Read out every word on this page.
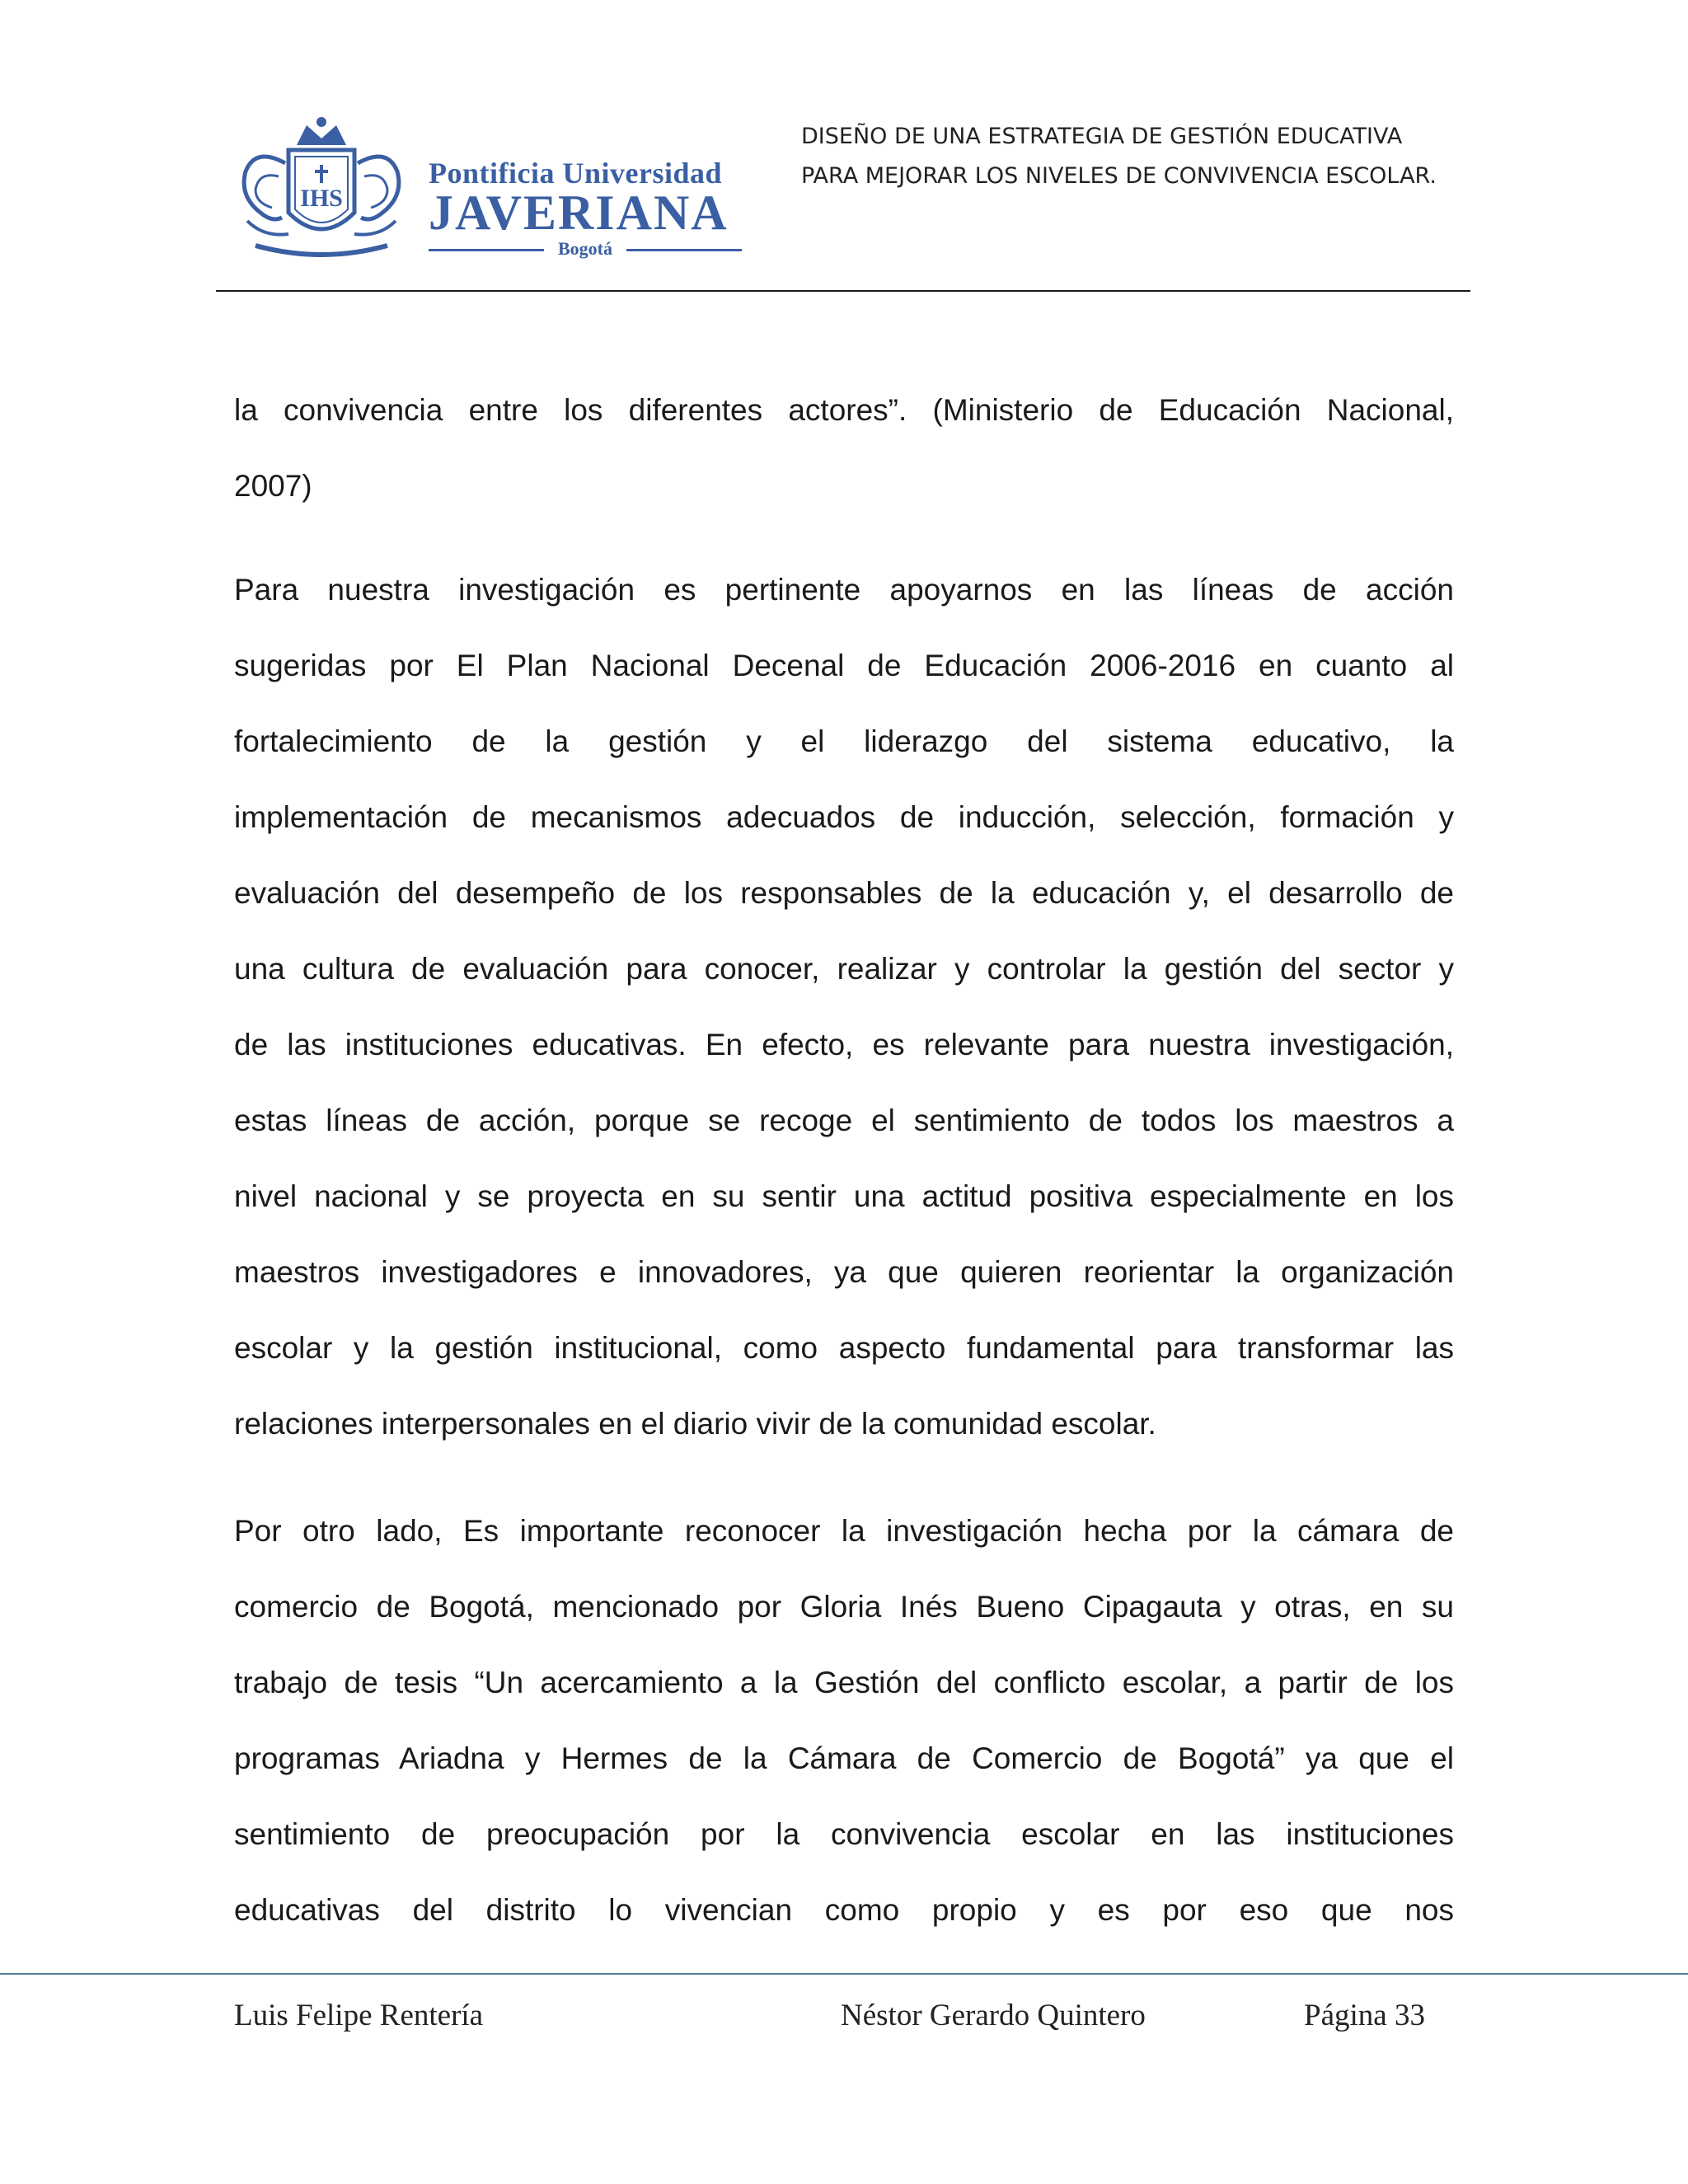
IHS
Pontificia Universidad
JAVERIANA
Bogotá
DISEÑO DE UNA ESTRATEGIA DE GESTIÓN EDUCATIVA
PARA MEJORAR LOS NIVELES DE CONVIVENCIA ESCOLAR.
la convivencia entre los diferentes actores”. (Ministerio de Educación Nacional,
2007)
Para nuestra investigación es pertinente apoyarnos en las líneas de acción
sugeridas por El Plan Nacional Decenal de Educación 2006-2016 en cuanto al
fortalecimiento de la gestión y el liderazgo del sistema educativo, la
implementación de mecanismos adecuados de inducción, selección, formación y
evaluación del desempeño de los responsables de la educación y, el desarrollo de
una cultura de evaluación para conocer, realizar y controlar la gestión del sector y
de las instituciones educativas. En efecto, es relevante para nuestra investigación,
estas líneas de acción, porque se recoge el sentimiento de todos los maestros a
nivel nacional y se proyecta en su sentir una actitud positiva especialmente en los
maestros investigadores e innovadores, ya que quieren reorientar la organización
escolar y la gestión institucional, como aspecto fundamental para transformar las
relaciones interpersonales en el diario vivir de la comunidad escolar.
Por otro lado, Es importante reconocer la investigación hecha por la cámara de
comercio de Bogotá, mencionado por Gloria Inés Bueno Cipagauta y otras, en su
trabajo de tesis “Un acercamiento a la Gestión del conflicto escolar, a partir de los
programas Ariadna y Hermes de la Cámara de Comercio de Bogotá” ya que el
sentimiento de preocupación por la convivencia escolar en las instituciones
educativas del distrito lo vivencian como propio y es por eso que nos
Luis Felipe Rentería	Néstor Gerardo Quintero	Página 33
